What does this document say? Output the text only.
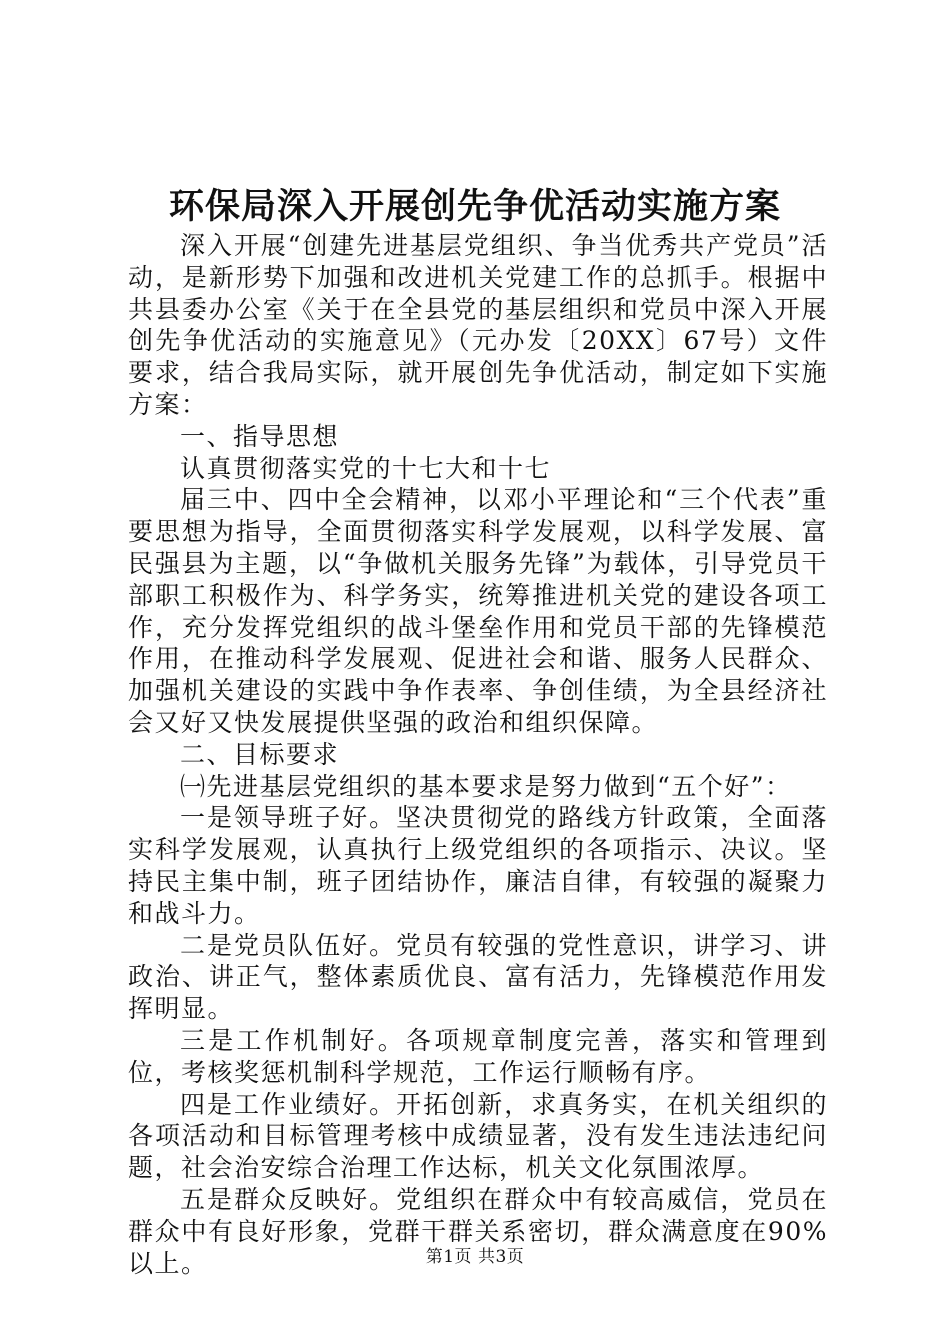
环保局深入开展创先争优活动实施方案

深入开展“创建先进基层党组织、争当优秀共产党员”活动，是新形势下加强和改进机关党建工作的总抓手。根据中共县委办公室《关于在全县党的基层组织和党员中深入开展创先争优活动的实施意见》（元办发〔20XX〕67号）文件要求，结合我局实际，就开展创先争优活动，制定如下实施方案：

一、指导思想

认真贯彻落实党的十七大和十七

届三中、四中全会精神，以邓小平理论和“三个代表”重要思想为指导，全面贯彻落实科学发展观，以科学发展、富民强县为主题，以“争做机关服务先锋”为载体，引导党员干部职工积极作为、科学务实，统筹推进机关党的建设各项工作，充分发挥党组织的战斗堡垒作用和党员干部的先锋模范作用，在推动科学发展观、促进社会和谐、服务人民群众、加强机关建设的实践中争作表率、争创佳绩，为全县经济社会又好又快发展提供坚强的政治和组织保障。

二、目标要求

㈠先进基层党组织的基本要求是努力做到“五个好”：

一是领导班子好。坚决贯彻党的路线方针政策，全面落实科学发展观，认真执行上级党组织的各项指示、决议。坚持民主集中制，班子团结协作，廉洁自律，有较强的凝聚力和战斗力。

二是党员队伍好。党员有较强的党性意识，讲学习、讲政治、讲正气，整体素质优良、富有活力，先锋模范作用发挥明显。

三是工作机制好。各项规章制度完善，落实和管理到位，考核奖惩机制科学规范，工作运行顺畅有序。

四是工作业绩好。开拓创新，求真务实，在机关组织的各项活动和目标管理考核中成绩显著，没有发生违法违纪问题，社会治安综合治理工作达标，机关文化氛围浓厚。

五是群众反映好。党组织在群众中有较高威信，党员在群众中有良好形象，党群干群关系密切，群众满意度在90%以上。	第1页 共3页
